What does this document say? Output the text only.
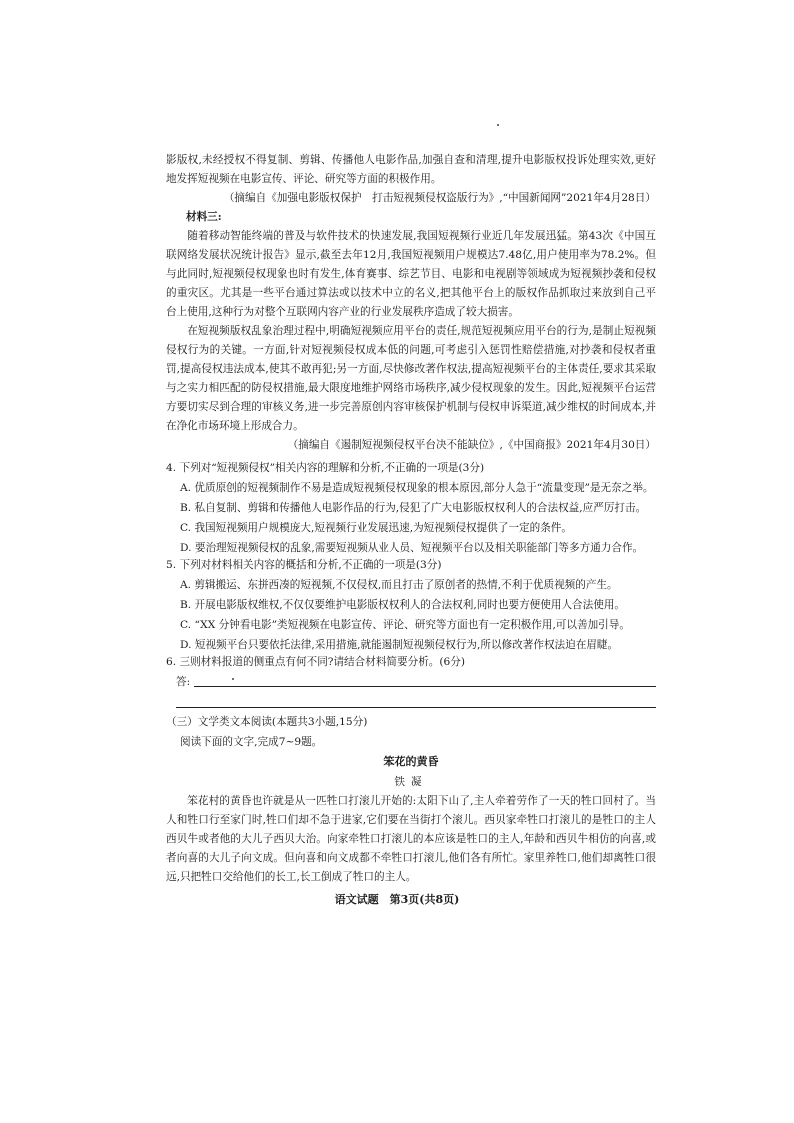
影版权,未经授权不得复制、剪辑、传播他人电影作品,加强自查和清理,提升电影版权投诉处理实效,更好地发挥短视频在电影宣传、评论、研究等方面的积极作用。

（摘编自《加强电影版权保护　打击短视频侵权盗版行为》,“中国新闻网”2021年4月28日）

材料三:

随着移动智能终端的普及与软件技术的快速发展,我国短视频行业近几年发展迅猛。第43次《中国互联网络发展状况统计报告》显示,截至去年12月,我国短视频用户规模达7.48亿,用户使用率为78.2%。但与此同时,短视频侵权现象也时有发生,体育赛事、综艺节目、电影和电视剧等领域成为短视频抄袭和侵权的重灾区。尤其是一些平台通过算法或以技术中立的名义,把其他平台上的版权作品抓取过来放到自己平台上使用,这种行为对整个互联网内容产业的行业发展秩序造成了较大损害。

在短视频版权乱象治理过程中,明确短视频应用平台的责任,规范短视频应用平台的行为,是制止短视频侵权行为的关键。一方面,针对短视频侵权成本低的问题,可考虑引入惩罚性赔偿措施,对抄袭和侵权者重罚,提高侵权违法成本,使其不敢再犯;另一方面,尽快修改著作权法,提高短视频平台的主体责任,要求其采取与之实力相匹配的防侵权措施,最大限度地维护网络市场秩序,减少侵权现象的发生。因此,短视频平台运营方要切实尽到合理的审核义务,进一步完善原创内容审核保护机制与侵权申诉渠道,减少维权的时间成本,并在净化市场环境上形成合力。

（摘编自《遏制短视频侵权平台决不能缺位》,《中国商报》2021年4月30日）

4. 下列对“短视频侵权”相关内容的理解和分析,不正确的一项是(3分)
A. 优质原创的短视频制作不易是造成短视频侵权现象的根本原因,部分人急于“流量变现”是无奈之举。
B. 私自复制、剪辑和传播他人电影作品的行为,侵犯了广大电影版权权利人的合法权益,应严厉打击。
C. 我国短视频用户规模庞大,短视频行业发展迅速,为短视频侵权提供了一定的条件。
D. 要治理短视频侵权的乱象,需要短视频从业人员、短视频平台以及相关职能部门等多方通力合作。
5. 下列对材料相关内容的概括和分析,不正确的一项是(3分)
A. 剪辑搬运、东拼西凑的短视频,不仅侵权,而且打击了原创者的热情,不利于优质视频的产生。
B. 开展电影版权维权,不仅仅要维护电影版权权利人的合法权利,同时也要方便使用人合法使用。
C. “XX 分钟看电影”类短视频在电影宣传、评论、研究等方面也有一定积极作用,可以善加引导。
D. 短视频平台只要依托法律,采用措施,就能遏制短视频侵权行为,所以修改著作权法迫在眉睫。
6. 三则材料报道的侧重点有何不同?请结合材料简要分析。(6分)
答:
（三）文学类文本阅读(本题共3小题,15分)
阅读下面的文字,完成7~9题。
笨花的黄昏
铁凝

笨花村的黄昏也许就是从一匹牲口打滚儿开始的:太阳下山了,主人牵着劳作了一天的牲口回村了。当人和牲口行至家门时,牲口们却不急于进家,它们要在当街打个滚儿。西贝家牵牲口打滚儿的是牲口的主人西贝牛或者他的大儿子西贝大治。向家牵牲口打滚儿的本应该是牲口的主人,年龄和西贝牛相仿的向喜,或者向喜的大儿子向文成。但向喜和向文成都不牵牲口打滚儿,他们各有所忙。家里养牲口,他们却离牲口很远,只把牲口交给他们的长工,长工倒成了牲口的主人。

语文试题　第3页(共8页)
